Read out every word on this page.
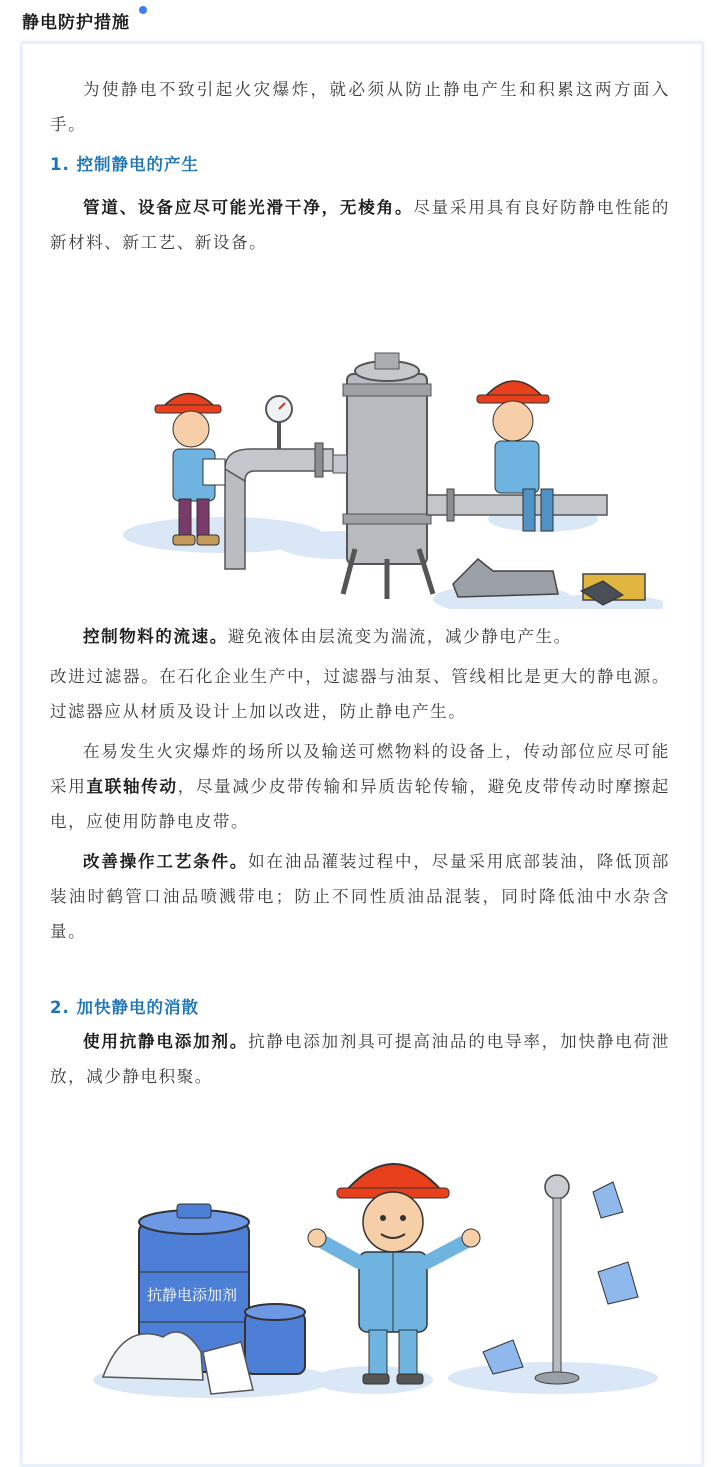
静电防护措施
为使静电不致引起火灾爆炸，就必须从防止静电产生和积累这两方面入手。
1. 控制静电的产生
管道、设备应尽可能光滑干净，无棱角。尽量采用具有良好防静电性能的新材料、新工艺、新设备。
控制物料的流速。避免液体由层流变为湍流，减少静电产生。
改进过滤器。在石化企业生产中，过滤器与油泵、管线相比是更大的静电源。过滤器应从材质及设计上加以改进，防止静电产生。
在易发生火灾爆炸的场所以及输送可燃物料的设备上，传动部位应尽可能采用直联轴传动，尽量减少皮带传输和异质齿轮传输，避免皮带传动时摩擦起电，应使用防静电皮带。
改善操作工艺条件。如在油品灌装过程中，尽量采用底部装油，降低顶部装油时鹤管口油品喷溅带电；防止不同性质油品混装，同时降低油中水杂含量。
2. 加快静电的消散
使用抗静电添加剂。抗静电添加剂具可提高油品的电导率，加快静电荷泄放，减少静电积聚。
抗静电添加剂
